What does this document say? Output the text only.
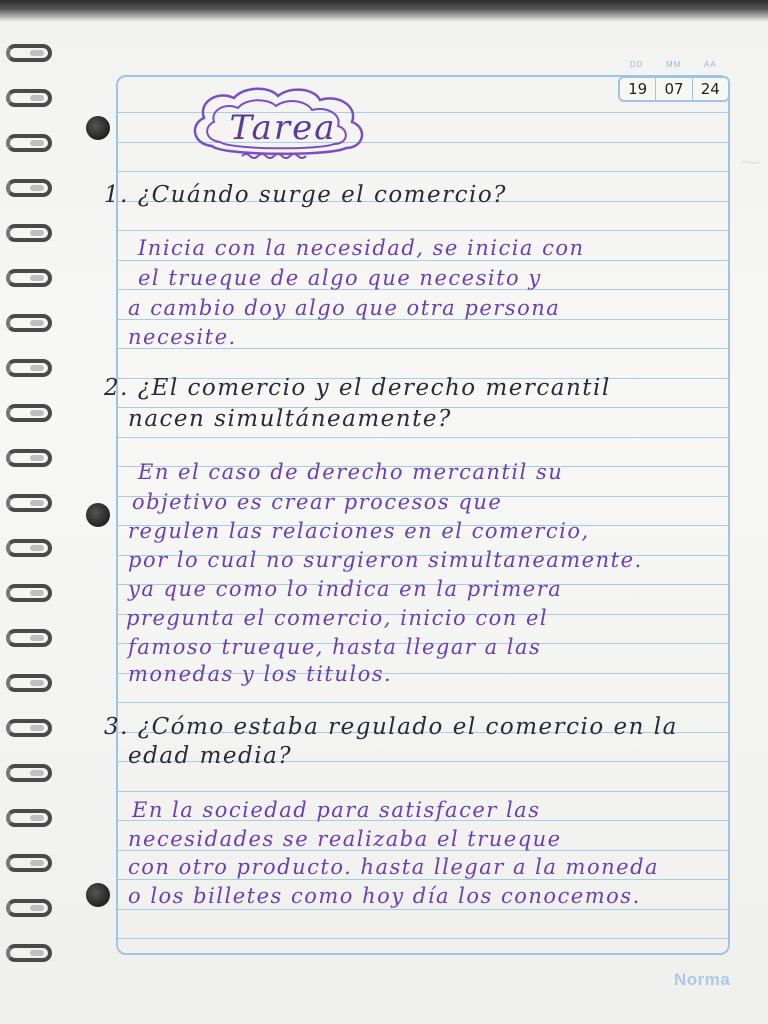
⁓
DD	MM	AA
19	07	24
Tarea
1. ¿Cuándo surge el comercio?
Inicia con la necesidad, se inicia con
el trueque de algo que necesito y
a cambio doy algo que otra persona
necesite.
2. ¿El comercio y el derecho mercantil
nacen simultáneamente?
En el caso de derecho mercantil su
objetivo es crear procesos que
regulen las relaciones en el comercio,
por lo cual no surgieron simultaneamente.
ya que como lo indica en la primera
pregunta el comercio, inicio con el
famoso trueque, hasta llegar a las
monedas y los titulos.
3. ¿Cómo estaba regulado el comercio en la
edad media?
En la sociedad para satisfacer las
necesidades se realizaba el trueque
con otro producto. hasta llegar a la moneda
o los billetes como hoy día los conocemos.
Norma
